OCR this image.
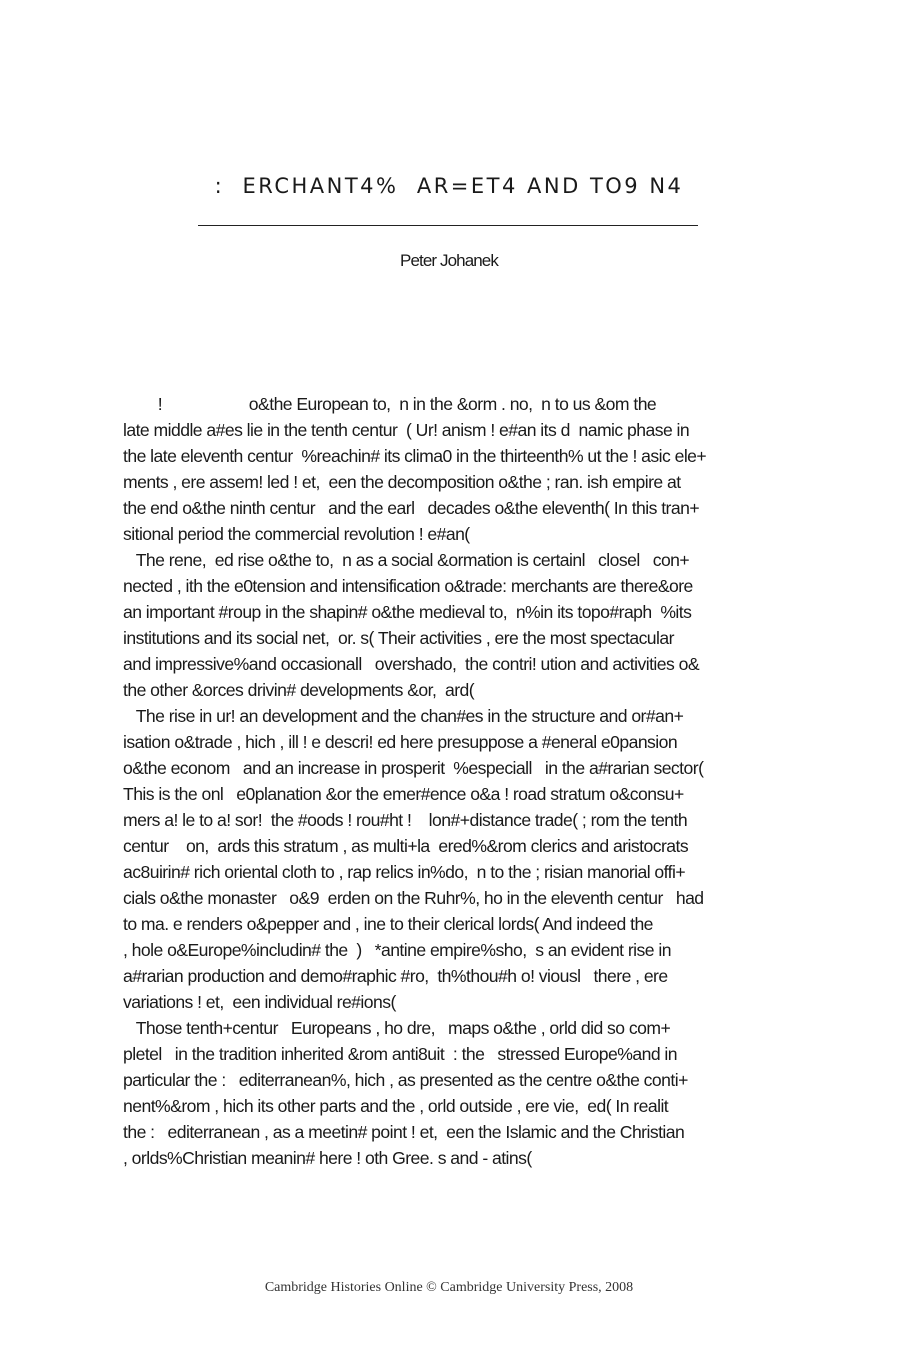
:  ERCHANT4%  AR=ET4 AND TO9 N4
Peter Johanek
!                    o&the European to,  n in the &orm . no,  n to us &om the
late middle a#es lie in the tenth centur  ( Ur! anism ! e#an its d  namic phase in
the late eleventh centur  %reachin# its clima0 in the thirteenth% ut the ! asic ele+
ments , ere assem! led ! et,  een the decomposition o&the ; ran. ish empire at
the end o&the ninth centur   and the earl   decades o&the eleventh( In this tran+
sitional period the commercial revolution ! e#an(
The rene,  ed rise o&the to,  n as a social &ormation is certainl   closel   con+
nected , ith the e0tension and intensification o&trade: merchants are there&ore
an important #roup in the shapin# o&the medieval to,  n%in its topo#raph  %its
institutions and its social net,  or. s( Their activities , ere the most spectacular
and impressive%and occasionall   overshado,  the contri! ution and activities o&
the other &orces drivin# developments &or,  ard(
The rise in ur! an development and the chan#es in the structure and or#an+
isation o&trade , hich , ill ! e descri! ed here presuppose a #eneral e0pansion
o&the econom   and an increase in prosperit  %especiall   in the a#rarian sector(
This is the onl   e0planation &or the emer#ence o&a ! road stratum o&consu+
mers a! le to a! sor!  the #oods ! rou#ht !    lon#+distance trade( ; rom the tenth
centur    on,  ards this stratum , as multi+la  ered%&rom clerics and aristocrats
ac8uirin# rich oriental cloth to , rap relics in%do,  n to the ; risian manorial offi+
cials o&the monaster   o&9  erden on the Ruhr%, ho in the eleventh centur   had
to ma. e renders o&pepper and , ine to their clerical lords( And indeed the
, hole o&Europe%includin# the  )   *antine empire%sho,  s an evident rise in
a#rarian production and demo#raphic #ro,  th%thou#h o! viousl   there , ere
variations ! et,  een individual re#ions(
Those tenth+centur   Europeans , ho dre,   maps o&the , orld did so com+
pletel   in the tradition inherited &rom anti8uit  : the   stressed Europe%and in
particular the :   editerranean%, hich , as presented as the centre o&the conti+
nent%&rom , hich its other parts and the , orld outside , ere vie,  ed( In realit
the :   editerranean , as a meetin# point ! et,  een the Islamic and the Christian
, orlds%Christian meanin# here ! oth Gree. s and - atins(
Cambridge Histories Online © Cambridge University Press, 2008
